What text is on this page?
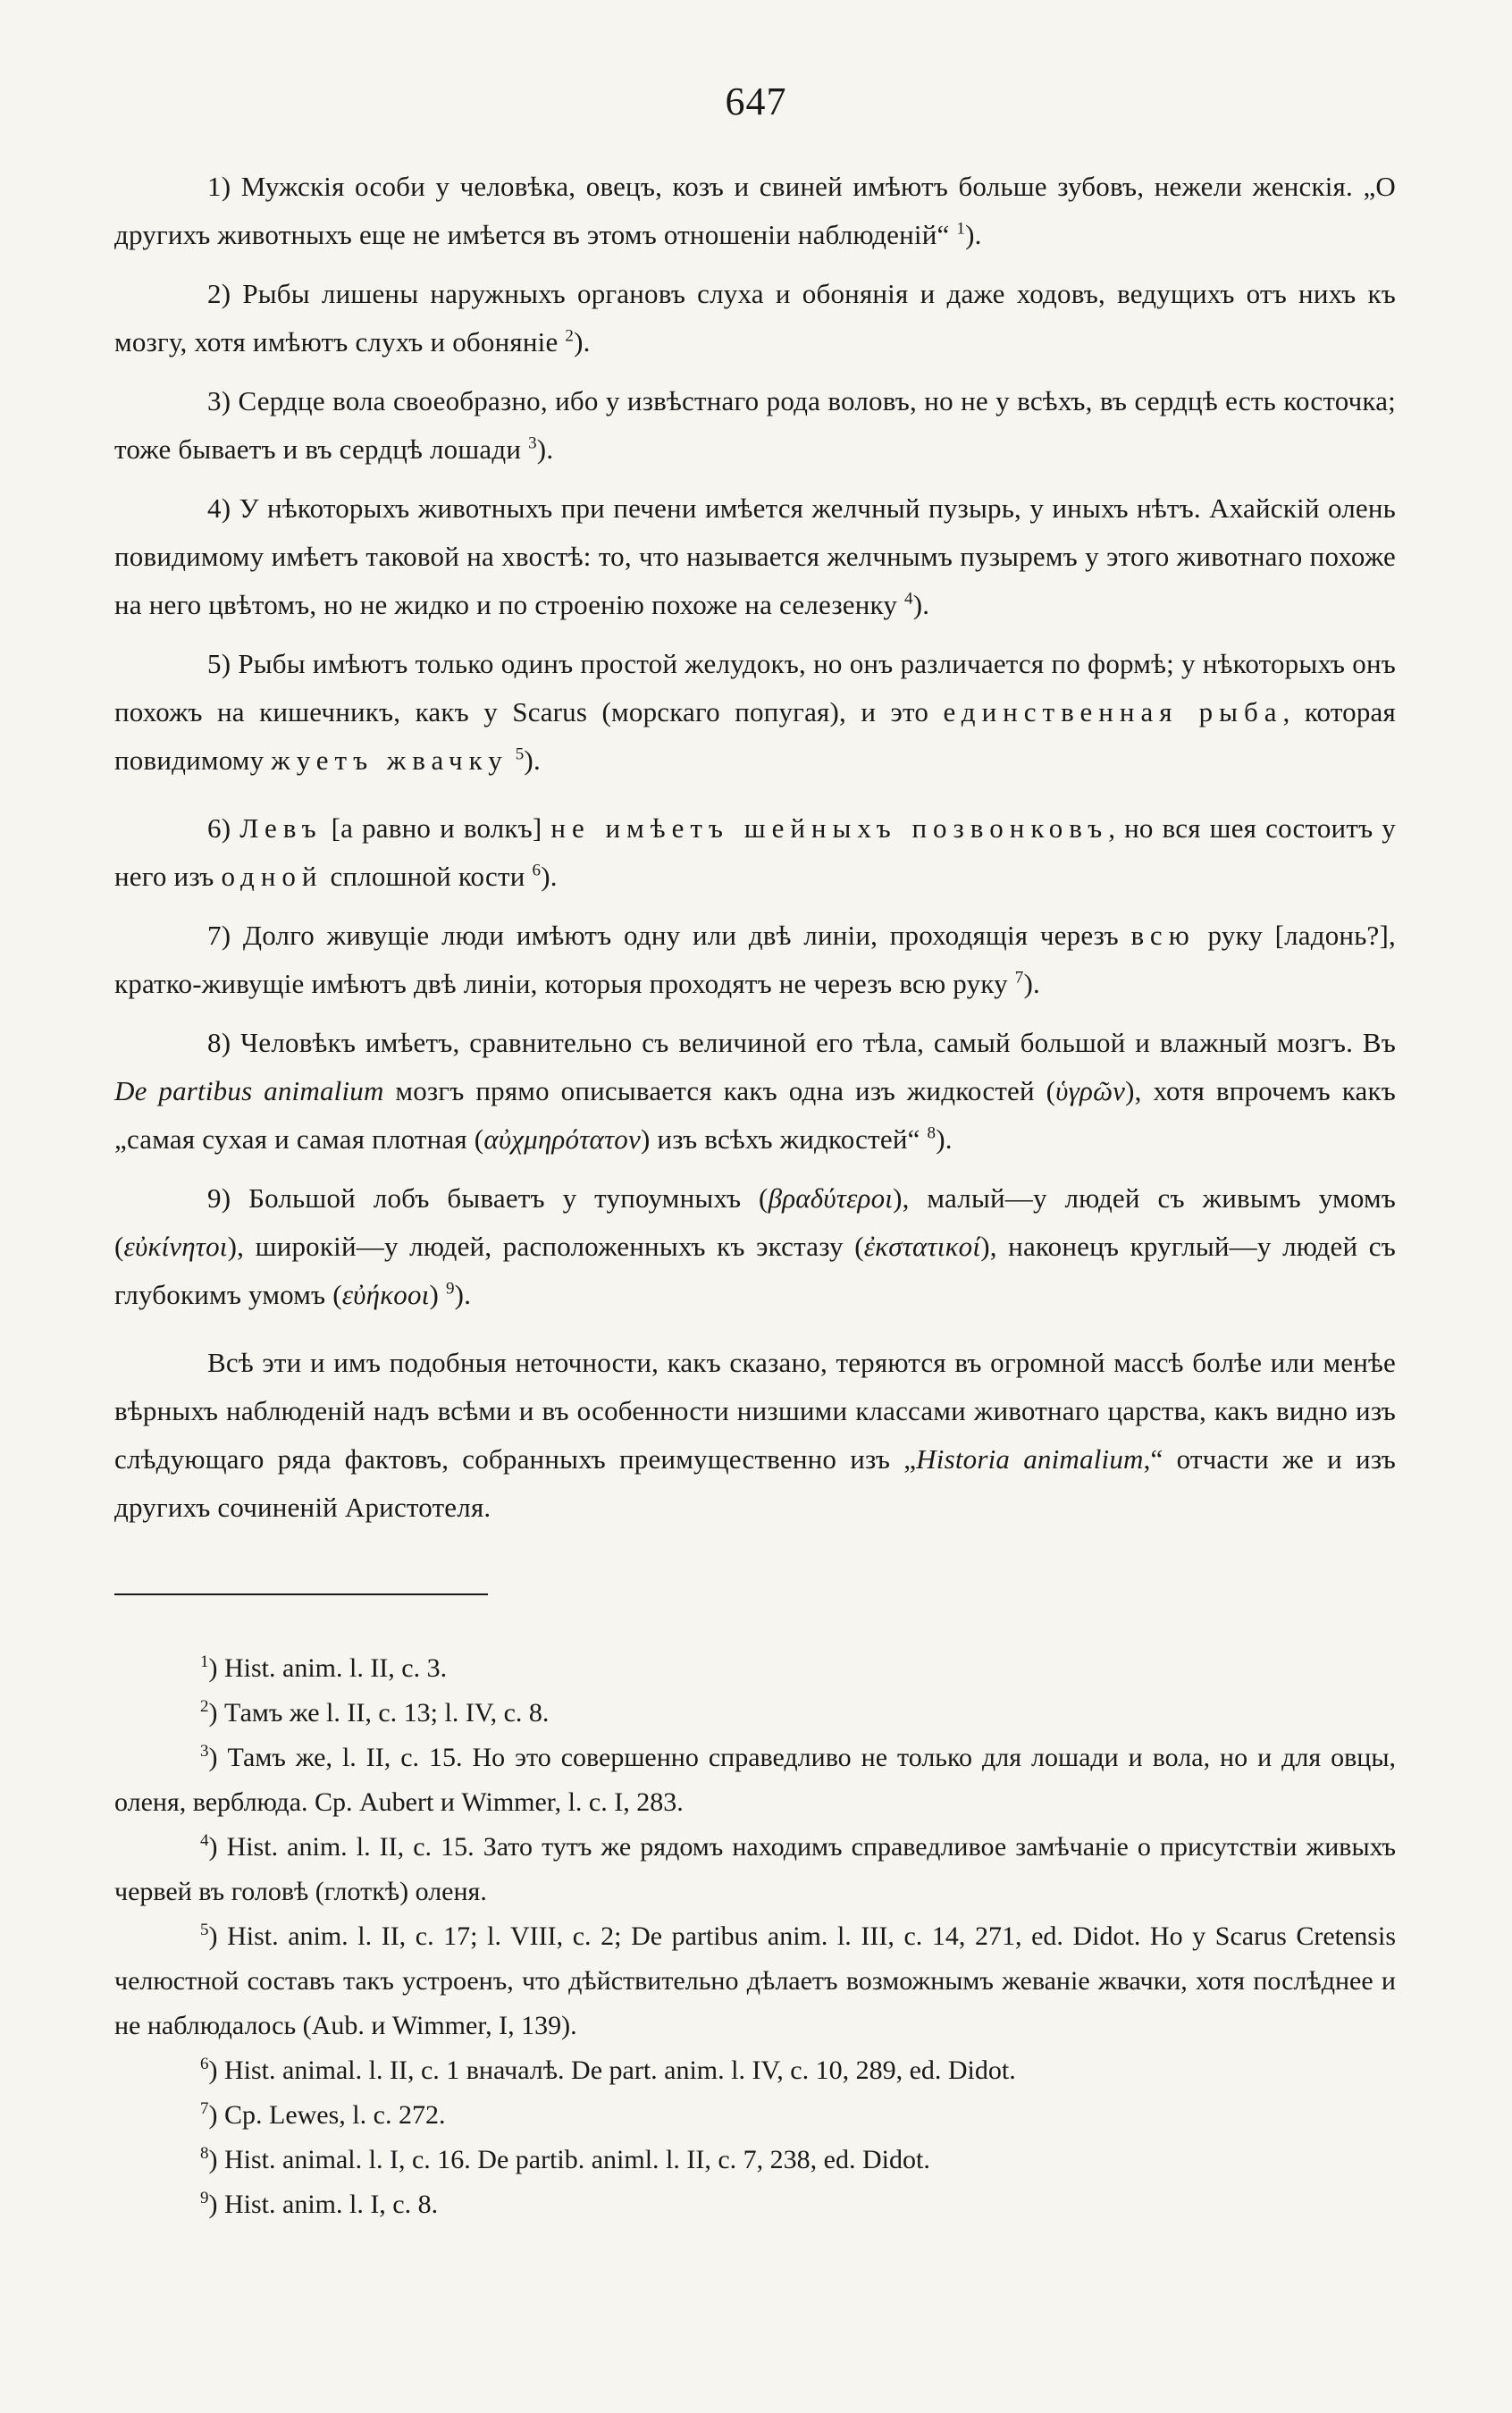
647

1) Мужскія особи у человѣка, овецъ, козъ и свиней имѣютъ больше зубовъ, нежели женскія. „О другихъ животныхъ еще не имѣется въ этомъ отношеніи наблюденій“ $^1$).

2) Рыбы лишены наружныхъ органовъ слуха и обонянія и даже ходовъ, ведущихъ отъ нихъ къ мозгу, хотя имѣютъ слухъ и обоняніе $^2$).

3) Сердце вола своеобразно, ибо у извѣстнаго рода воловъ, но не у всѣхъ, въ сердцѣ есть косточка; тоже бываетъ и въ сердцѣ лошади $^3$).

4) У нѣкоторыхъ животныхъ при печени имѣется желчный пузырь, у иныхъ нѣтъ. Ахайскій олень повидимому имѣетъ таковой на хвостѣ: то, что называется желчнымъ пузыремъ у этого животнаго похоже на него цвѣтомъ, но не жидко и по строенію похоже на селезенку $^4$).

5) Рыбы имѣютъ только одинъ простой желудокъ, но онъ различается по формѣ; у нѣкоторыхъ онъ похожъ на кишечникъ, какъ у Scarus (морскаго попугая), и это единственная рыба, которая повидимому жуетъ жвачку $^5$).

6) Левъ [а равно и волкъ] не имѣетъ шейныхъ позвонковъ, но вся шея состоитъ у него изъ одной сплошной кости $^6$).

7) Долго живущіе люди имѣютъ одну или двѣ линіи, проходящія черезъ всю руку [ладонь?], кратко-живущіе имѣютъ двѣ линіи, которыя проходятъ не черезъ всю руку $^7$).

8) Человѣкъ имѣетъ, сравнительно съ величиной его тѣла, самый большой и влажный мозгъ. Въ De partibus animalium мозгъ прямо описывается какъ одна изъ жидкостей (ὑγρῶν), хотя впрочемъ какъ „самая сухая и самая плотная (αὐχμηρότατον) изъ всѣхъ жидкостей“ $^8$).

9) Большой лобъ бываетъ у тупоумныхъ (βραδύτεροι), малый—у людей съ живымъ умомъ (εὐκίνητοι), широкій—у людей, расположенныхъ къ экстазу (ἐκστατικοί), наконецъ круглый—у людей съ глубокимъ умомъ (εὐήκοοι) $^9$).

Всѣ эти и имъ подобныя неточности, какъ сказано, теряются въ огромной массѣ болѣе или менѣе вѣрныхъ наблюденій надъ всѣми и въ особенности низшими классами животнаго царства, какъ видно изъ слѣдующаго ряда фактовъ, собранныхъ преимущественно изъ „Historia animalium,“ отчасти же и изъ другихъ сочиненій Аристотеля.

$^1$) Hist. anim. l. II, c. 3.

$^2$) Тамъ же l. II, c. 13; l. IV, c. 8.

$^3$) Тамъ же, l. II, c. 15. Но это совершенно справедливо не только для лошади и вола, но и для овцы, оленя, верблюда. Ср. Aubert и Wimmer, l. c. I, 283.

$^4$) Hist. anim. l. II, c. 15. Зато тутъ же рядомъ находимъ справедливое замѣчаніе о присутствіи живыхъ червей въ головѣ (глоткѣ) оленя.

$^5$) Hist. anim. l. II, c. 17; l. VIII, c. 2; De partibus anim. l. III, c. 14, 271, ed. Didot. Но у Scarus Cretensis челюстной составъ такъ устроенъ, что дѣйствительно дѣлаетъ возможнымъ жеваніе жвачки, хотя послѣднее и не наблюдалось (Aub. и Wimmer, I, 139).

$^6$) Hist. animal. l. II, c. 1 вначалѣ. De part. anim. l. IV, c. 10, 289, ed. Didot.

$^7$) Cp. Lewes, l. c. 272.

$^8$) Hist. animal. l. I, c. 16. De partib. animl. l. II, c. 7, 238, ed. Didot.

$^9$) Hist. anim. l. I, c. 8.
